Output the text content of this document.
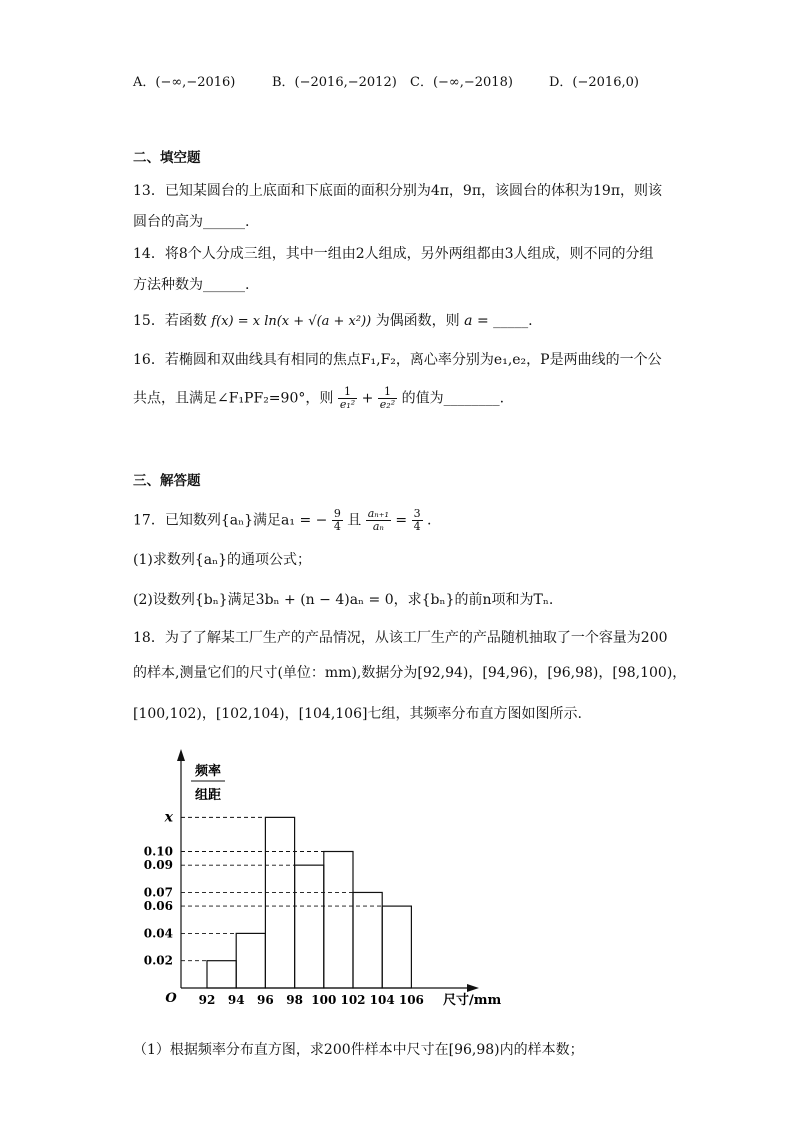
A．(−∞,−2016)	B．(−2016,−2012) C．(−∞,−2018)	D．(−2016,0)
二、填空题
13．已知某圆台的上底面和下底面的面积分别为4π，9π，该圆台的体积为19π，则该
圆台的高为______.
14．将8个人分成三组，其中一组由2人组成，另外两组都由3人组成，则不同的分组
方法种数为______.
15．若函数 f(x) = x ln(x + √(a + x²)) 为偶函数，则 a = _____.
16．若椭圆和双曲线具有相同的焦点F₁,F₂，离心率分别为e₁,e₂，P是两曲线的一个公
共点，且满足∠F₁PF₂=90°，则 $\frac{1}{\text{e₁²}} + \frac{1}{\text{e₂²}}$ 的值为________.
三、解答题
17．已知数列{aₙ}满足a₁ = − $\frac{9}{4}$ 且 $\frac{\text{aₙ₊₁}}{\text{aₙ}} = \frac{3}{4}$ .
(1)求数列{aₙ}的通项公式；
(2)设数列{bₙ}满足3bₙ + (n − 4)aₙ = 0，求{bₙ}的前n项和为Tₙ.
18．为了了解某工厂生产的产品情况，从该工厂生产的产品随机抽取了一个容量为200
的样本,测量它们的尺寸(单位：mm),数据分为[92,94)，[94,96)，[96,98)，[98,100)，
[100,102)，[102,104)，[104,106]七组，其频率分布直方图如图所示.
92 94 96 98 100 102 104 106
0.02
0.04
0.06
0.07
0.09
0.10
x
O	尺寸/mm
频率
组距
（1）根据频率分布直方图，求200件样本中尺寸在[96,98)内的样本数；
